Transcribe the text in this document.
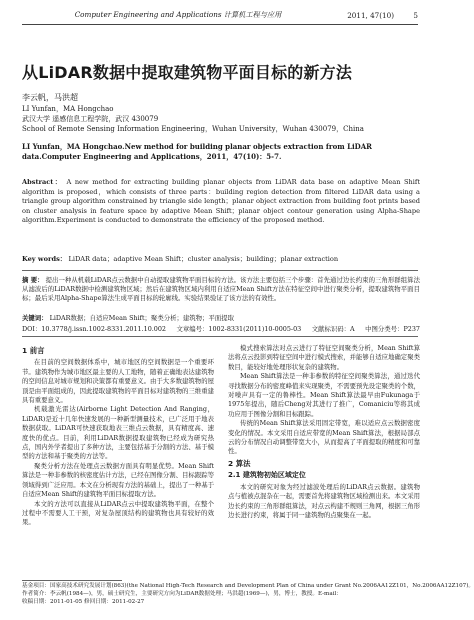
Computer Engineering and Applications 计算机工程与应用	2011, 47(10)	5
从LiDAR数据中提取建筑物平面目标的新方法
李云帆，马洪超
LI Yunfan，MA Hongchao
武汉大学 遥感信息工程学院，武汉 430079
School of Remote Sensing Information Engineering，Wuhan University，Wuhan 430079，China
LI Yunfan，MA Hongchao.New method for building planar objects extraction from LiDAR data.Computer Engineering and Applications，2011，47(10)：5-7.
Abstract： A new method for extracting building planar objects from LiDAR data base on adaptive Mean Shift algorithm is proposed，which consists of three parts：building region detection from filtered LiDAR data using a triangle group algorithm constrained by triangle side length；planar object extraction from building foot prints based on cluster analysis in feature space by adaptive Mean Shift；planar object contour generation using Alpha-Shape algorithm.Experiment is conducted to demonstrate the efficiency of the proposed method.
Key words： LiDAR data；adaptive Mean Shift；cluster analysis；building；planar extraction
摘 要： 提出一种从机载LiDAR点云数据中自动提取建筑物平面目标的方法。该方法主要包括三个步骤：首先通过边长约束的三角形群组算法从滤波后的LiDAR数据中检测建筑物区域；然后在建筑物区域内利用自适应Mean Shift方法在特征空间中进行聚类分析，提取建筑物平面目标；最后采用Alpha-Shape算法生成平面目标的轮廓线。实验结果验证了该方法的有效性。
关键词： LiDAR数据；自适应Mean Shift；聚类分析；建筑物；平面提取
DOI：10.3778/j.issn.1002-8331.2011.10.002 文章编号：1002-8331(2011)10-0005-03 文献标识码：A 中图分类号：P237
1 前言

在目前的空间数据体系中，城市地区的空间数据是一个重要环节。建筑物作为城市地区最主要的人工地物，随着正确地表达建筑物的空间信息对城市规划和决策都有重要意义。由于大多数建筑物的屋顶是由平面组成的，因此提取建筑物的平面目标对建筑物的三维重建具有重要意义。

机载激光雷达(Airborne Light Detection And Ranging，LiDAR)是近十几年快速发展的一种新型测量技术，已广泛用于地表数据获取。LiDAR可快速获取地表三维点云数据，具有精度高、速度快的优点。目前，利用LiDAR数据提取建筑物已经成为研究热点，国内外学者提出了多种方法，主要包括基于分割的方法、基于模型的方法和基于聚类的方法等。

聚类分析方法在处理点云数据方面具有明显优势。Mean Shift算法是一种非参数的核密度估计方法，已经在图像分割、目标跟踪等领域得到广泛应用。本文在分析现有方法的基础上，提出了一种基于自适应Mean Shift的建筑物平面目标提取方法。

本文的方法可以直接从LiDAR点云中提取建筑物平面，在整个过程中不需要人工干预，对复杂屋顶结构的建筑物也具有较好的效果。

模式搜索算法对点云进行了特征空间聚类分析，Mean Shift算法将点云投影到特征空间中进行模式搜索，并能够自适应地确定聚类数目，能较好地处理形状复杂的建筑物。

Mean Shift算法是一种非参数的特征空间聚类算法，通过迭代寻找数据分布的密度峰值来实现聚类，不需要预先设定聚类的个数，对噪声具有一定的鲁棒性。Mean Shift算法最早由Fukunaga于1975年提出，随后Cheng对其进行了推广，Comaniciu等将其成功应用于图像分割和目标跟踪。

传统的Mean Shift算法采用固定带宽，难以适应点云数据密度变化的情况。本文采用自适应带宽的Mean Shift算法，根据局部点云的分布情况自动调整带宽大小，从而提高了平面提取的精度和可靠性。

2 算法
2.1 建筑物初始区域定位

本文的研究对象为经过滤波处理后的LiDAR点云数据。建筑物点与植被点混杂在一起，需要首先将建筑物区域检测出来。本文采用边长约束的三角形群组算法，对点云构建不规则三角网，根据三角形边长进行约束，将属于同一建筑物的点聚集在一起。

基金项目：国家高技术研究发展计划(863)(the National High-Tech Research and Development Plan of China under Grant No.2006AA12Z101，No.2006AA12Z107)。
作者简介：李云帆(1984—)，男，硕士研究生，主要研究方向为LiDAR数据处理；马洪超(1969—)，男，博士，教授。E-mail：
收稿日期：2011-01-05 修回日期：2011-02-27
